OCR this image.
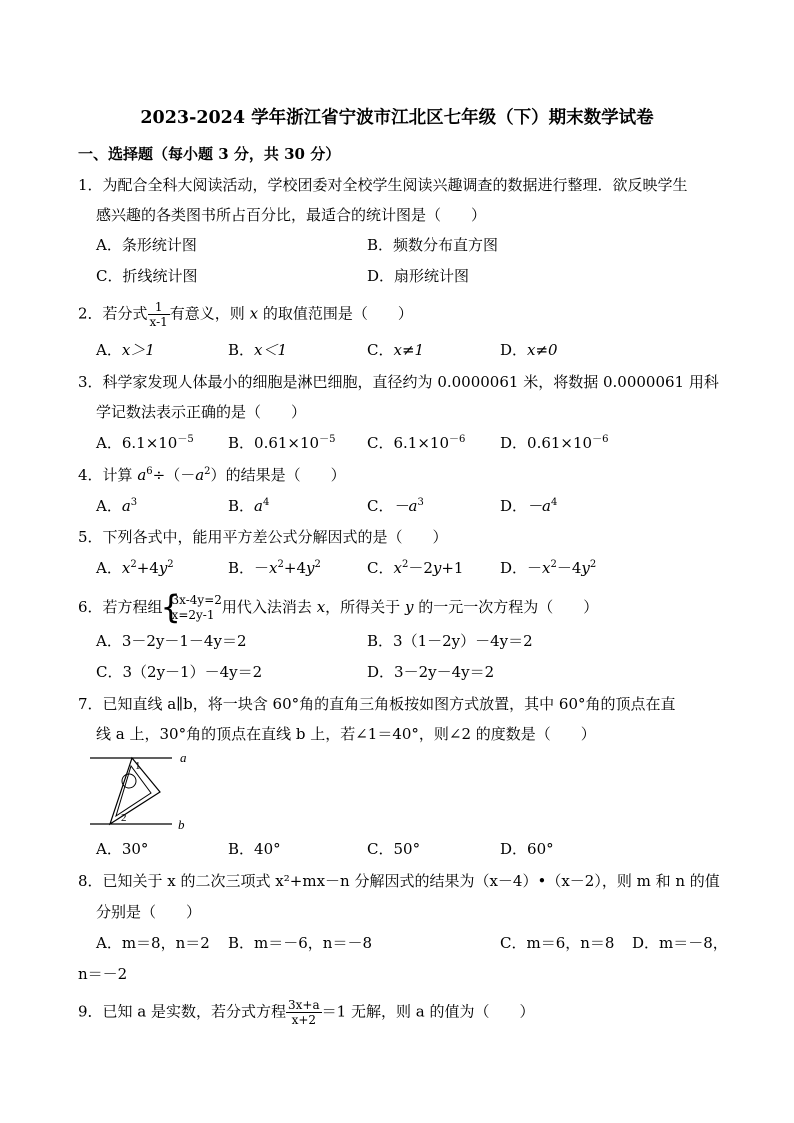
2023-2024 学年浙江省宁波市江北区七年级（下）期末数学试卷
一、选择题（每小题 3 分，共 30 分）
1．为配合全科大阅读活动，学校团委对全校学生阅读兴趣调查的数据进行整理．欲反映学生
感兴趣的各类图书所占百分比，最适合的统计图是（　　）
A．条形统计图	B．频数分布直方图
C．折线统计图	D．扇形统计图
2．若分式 $\frac{1}{x-1}$ 有意义，则 x 的取值范围是（　　）
A．x＞1	B．x＜1	C．x≠1	D．x≠0
3．科学家发现人体最小的细胞是淋巴细胞，直径约为 0.0000061 米，将数据 0.0000061 用科
学记数法表示正确的是（　　）
A．$6.1\times 10^{-5}$ B．$0.61\times 10^{-5}$ C．$6.1\times 10^{-6}$ D．$0.61\times 10^{-6}$
4．计算 $a^6\div(-a^2)$的结果是（　　）
A．$a^3$	B．$a^4$	C．$-a^3$	D．$-a^4$
5．下列各式中，能用平方差公式分解因式的是（　　）
A．$x^2+4y^2$	B．$-x^2+4y^2$	C．$x^2-2y+1$ D．$-x^2-4y^2$
6．若方程组
{
3x-4y=2
x=2y-1 用代入法消去 x，所得关于 y 的一元一次方程为（　　）
A．3－2y－1－4y＝2	B．3（1－2y）－4y＝2
C．3（2y－1）－4y＝2	D．3－2y－4y＝2
7．已知直线 a∥b，将一块含 60°角的直角三角板按如图方式放置，其中 60°角的顶点在直
线 a 上，30°角的顶点在直线 b 上，若∠1＝40°，则∠2 的度数是（　　）
a
b
1
2
A．30°	B．40°	C．50°	D．60°
8．已知关于 x 的二次三项式 x²+mx－n 分解因式的结果为（x－4）•（x－2），则 m 和 n 的值
分别是（　　）
A．m＝8，n＝2 B．m＝－6，n＝－8	C．m＝6，n＝8 D．m＝－8，
n＝－2
9．已知 a 是实数，若分式方程 $\frac{3x+a}{x+2} =1$ 无解，则 a 的值为（　　）
